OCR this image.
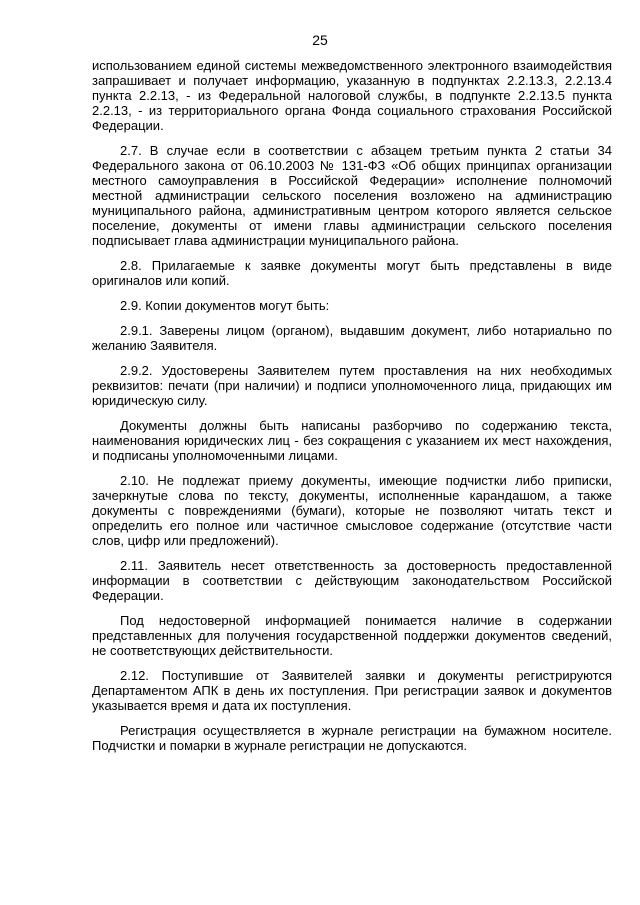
25

использованием единой системы межведомственного электронного взаимодействия запрашивает и получает информацию, указанную в подпунктах 2.2.13.3, 2.2.13.4 пункта 2.2.13, - из Федеральной налоговой службы, в подпункте 2.2.13.5 пункта 2.2.13, - из территориального органа Фонда социального страхования Российской Федерации.

2.7. В случае если в соответствии с абзацем третьим пункта 2 статьи 34 Федерального закона от 06.10.2003 № 131-ФЗ «Об общих принципах организации местного самоуправления в Российской Федерации» исполнение полномочий местной администрации сельского поселения возложено на администрацию муниципального района, административным центром которого является сельское поселение, документы от имени главы администрации сельского поселения подписывает глава администрации муниципального района.

2.8. Прилагаемые к заявке документы могут быть представлены в виде оригиналов или копий.

2.9. Копии документов могут быть:

2.9.1. Заверены лицом (органом), выдавшим документ, либо нотариально по желанию Заявителя.

2.9.2. Удостоверены Заявителем путем проставления на них необходимых реквизитов: печати (при наличии) и подписи уполномоченного лица, придающих им юридическую силу.

Документы должны быть написаны разборчиво по содержанию текста, наименования юридических лиц - без сокращения с указанием их мест нахождения, и подписаны уполномоченными лицами.

2.10. Не подлежат приему документы, имеющие подчистки либо приписки, зачеркнутые слова по тексту, документы, исполненные карандашом, а также документы с повреждениями (бумаги), которые не позволяют читать текст и определить его полное или частичное смысловое содержание (отсутствие части слов, цифр или предложений).

2.11. Заявитель несет ответственность за достоверность предоставленной информации в соответствии с действующим законодательством Российской Федерации.

Под недостоверной информацией понимается наличие в содержании представленных для получения государственной поддержки документов сведений, не соответствующих действительности.

2.12. Поступившие от Заявителей заявки и документы регистрируются Департаментом АПК в день их поступления. При регистрации заявок и документов указывается время и дата их поступления.

Регистрация осуществляется в журнале регистрации на бумажном носителе. Подчистки и помарки в журнале регистрации не допускаются.
